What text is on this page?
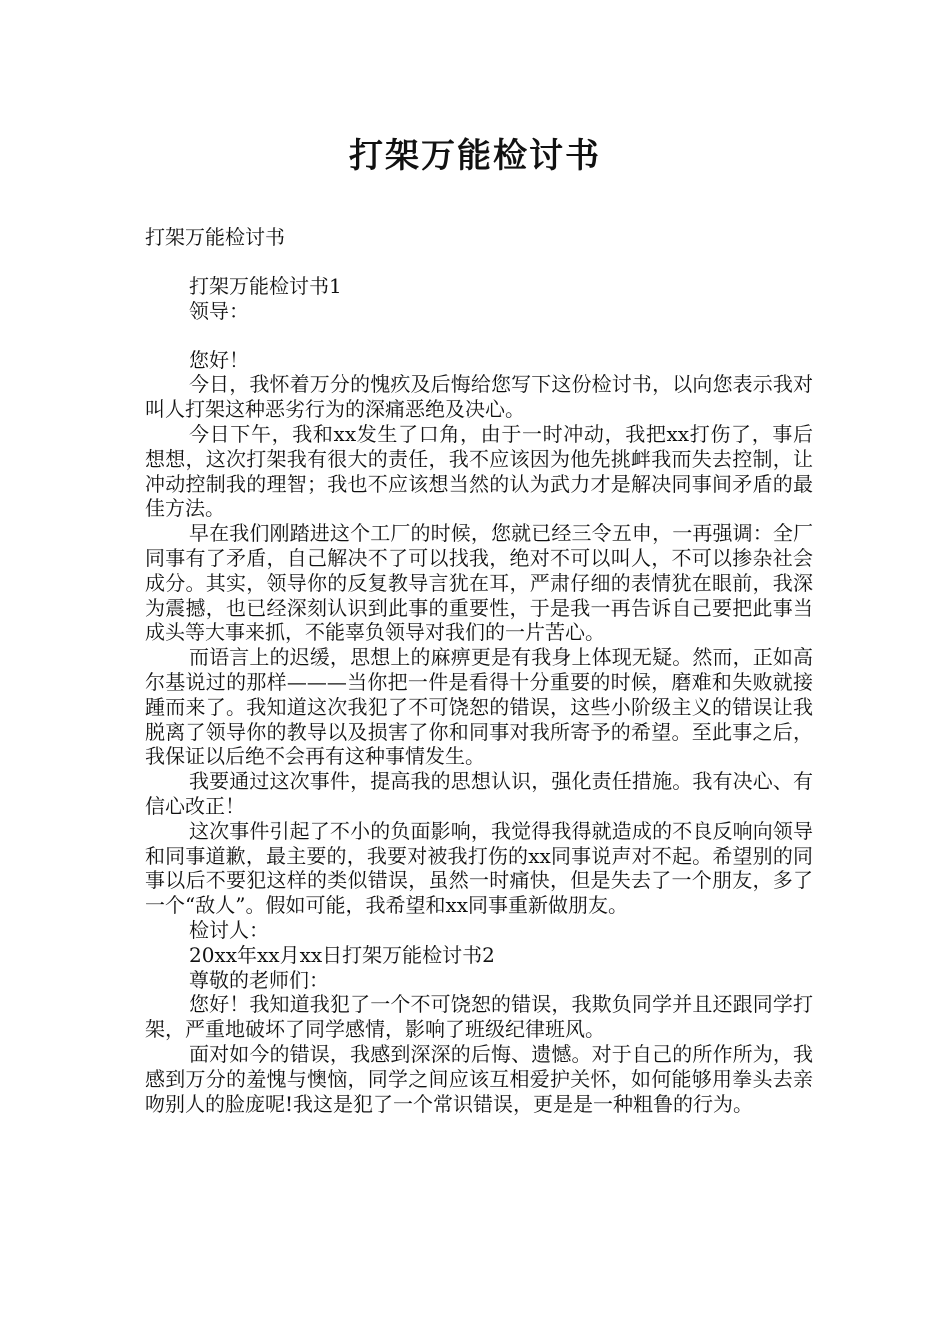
打架万能检讨书
打架万能检讨书

打架万能检讨书1

领导：

您好！

今日，我怀着万分的愧疚及后悔给您写下这份检讨书，以向您表示我对叫人打架这种恶劣行为的深痛恶绝及决心。

今日下午，我和xx发生了口角，由于一时冲动，我把xx打伤了，事后想想，这次打架我有很大的责任，我不应该因为他先挑衅我而失去控制，让冲动控制我的理智；我也不应该想当然的认为武力才是解决同事间矛盾的最佳方法。

早在我们刚踏进这个工厂的时候，您就已经三令五申，一再强调：全厂同事有了矛盾，自己解决不了可以找我，绝对不可以叫人，不可以掺杂社会成分。其实，领导你的反复教导言犹在耳，严肃仔细的表情犹在眼前，我深为震撼，也已经深刻认识到此事的重要性，于是我一再告诉自己要把此事当成头等大事来抓，不能辜负领导对我们的一片苦心。

而语言上的迟缓，思想上的麻痹更是有我身上体现无疑。然而，正如高尔基说过的那样———当你把一件是看得十分重要的时候，磨难和失败就接踵而来了。我知道这次我犯了不可饶恕的错误，这些小阶级主义的错误让我脱离了领导你的教导以及损害了你和同事对我所寄予的希望。至此事之后，我保证以后绝不会再有这种事情发生。

我要通过这次事件，提高我的思想认识，强化责任措施。我有决心、有信心改正！

这次事件引起了不小的负面影响，我觉得我得就造成的不良反响向领导和同事道歉，最主要的，我要对被我打伤的xx同事说声对不起。希望别的同事以后不要犯这样的类似错误，虽然一时痛快，但是失去了一个朋友，多了一个“敌人”。假如可能，我希望和xx同事重新做朋友。

检讨人：

20xx年xx月xx日打架万能检讨书2

尊敬的老师们：

您好！我知道我犯了一个不可饶恕的错误，我欺负同学并且还跟同学打架，严重地破坏了同学感情，影响了班级纪律班风。

面对如今的错误，我感到深深的后悔、遗憾。对于自己的所作所为，我感到万分的羞愧与懊恼，同学之间应该互相爱护关怀，如何能够用拳头去亲吻别人的脸庞呢!我这是犯了一个常识错误，更是是一种粗鲁的行为。
